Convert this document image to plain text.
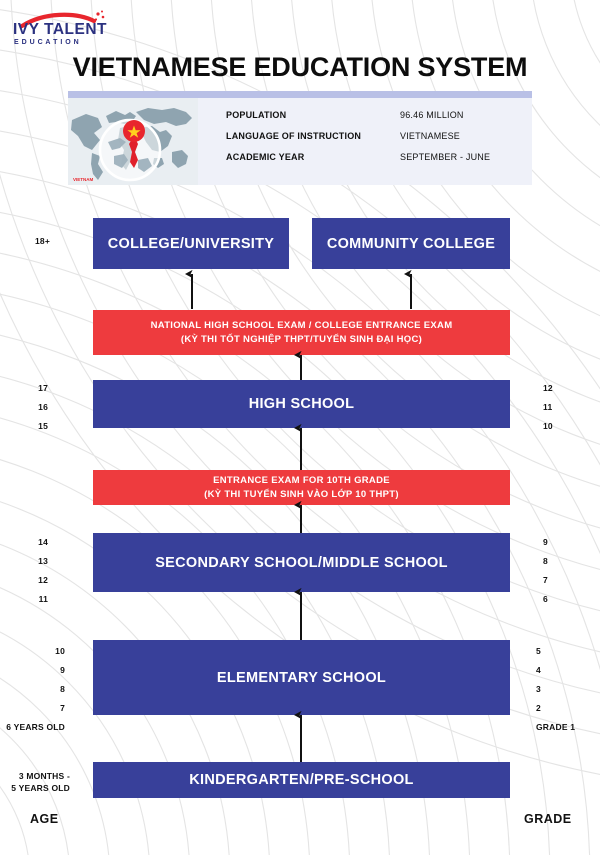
IVY TALENT
E D U C A T I O N
VIETNAMESE EDUCATION SYSTEM
VIETNAM
POPULATION	96.46 MILLION
LANGUAGE OF INSTRUCTION	VIETNAMESE
ACADEMIC YEAR	SEPTEMBER - JUNE
COLLEGE/UNIVERSITY	COMMUNITY COLLEGE
NATIONAL HIGH SCHOOL EXAM / COLLEGE ENTRANCE EXAM
(KỲ THI TỐT NGHIỆP THPT/TUYỂN SINH ĐẠI HỌC)
HIGH SCHOOL
ENTRANCE EXAM FOR 10TH GRADE
(KỲ THI TUYỂN SINH VÀO LỚP 10 THPT)
SECONDARY SCHOOL/MIDDLE SCHOOL
ELEMENTARY SCHOOL
KINDERGARTEN/PRE-SCHOOL
18+
17
16
15
14
13
12
11
10
9
8
7
6 YEARS OLD
3 MONTHS -
5 YEARS OLD
12
11
10
9
8
7
6
5
4
3
2
GRADE 1
AGE	GRADE
